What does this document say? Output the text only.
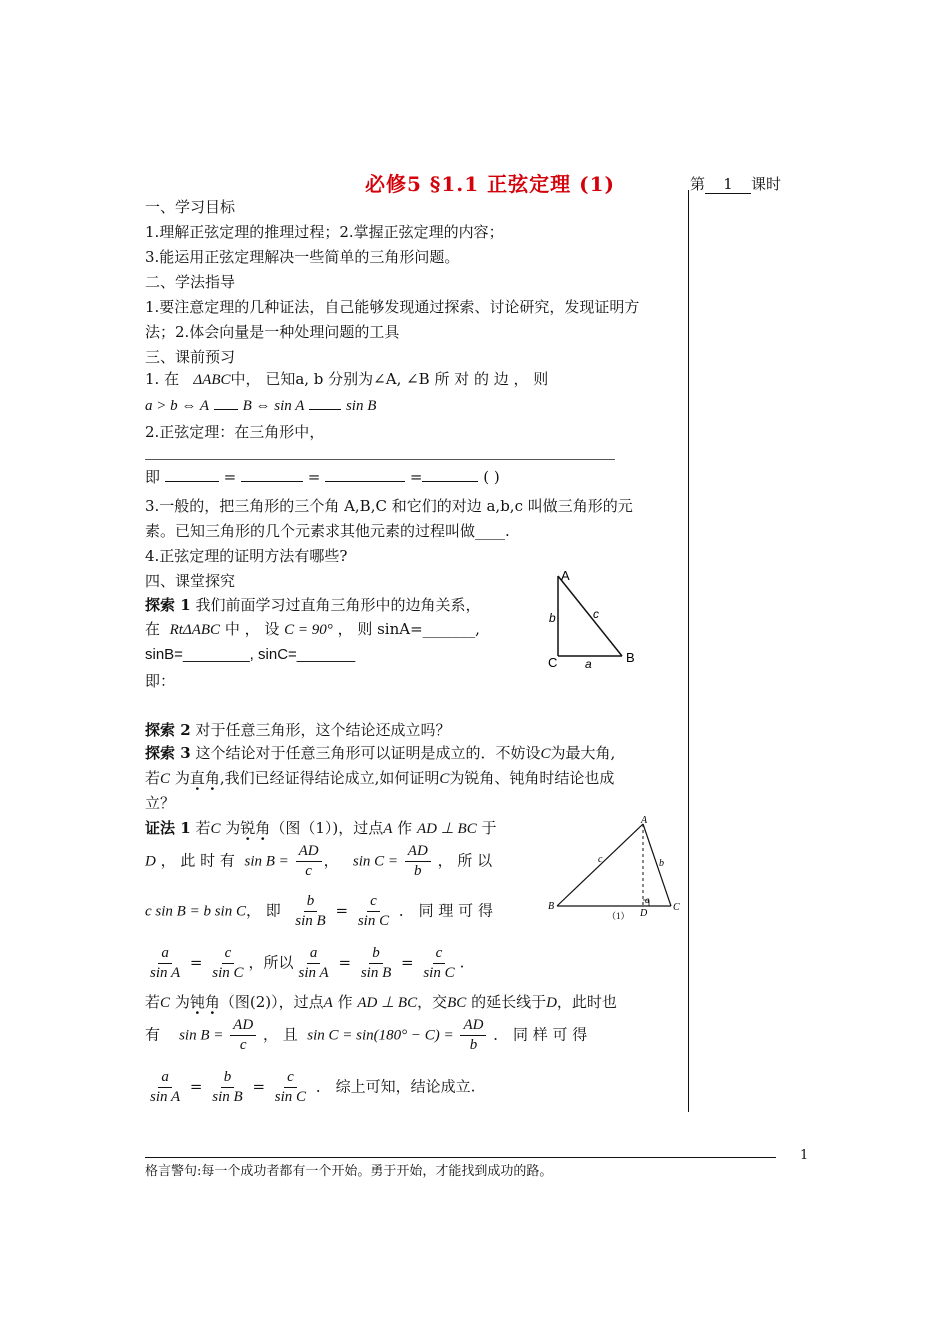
必修5 §1.1 正弦定理 (1)	第 1 课时
一、学习目标
1.理解正弦定理的推理过程；2.掌握正弦定理的内容；
3.能运用正弦定理解决一些简单的三角形问题。
二、学法指导
1.要注意定理的几种证法，自己能够发现通过探索、讨论研究，发现证明方
法；2.体会向量是一种处理问题的工具
三、课前预习
1. 在 ΔABC中， 已知a, b 分别为∠A, ∠B 所 对 的 边 ， 则
a > b ⇔ A B ⇔ sin A	sin B
2.正弦定理：在三角形中，
即	=	=	=	( )
3.一般的，把三角形的三个角 A,B,C 和它们的对边 a,b,c 叫做三角形的元
素。已知三角形的几个元素求其他元素的过程叫做____.
4.正弦定理的证明方法有哪些?
四、课堂探究
探索 1 我们前面学习过直角三角形中的边角关系，
在 RtΔABC 中 ， 设 C = 90° ， 则 sinA=_______,
sinB=________, sinC=_______
即：
A
B
C a
b	c
探索 2 对于任意三角形，这个结论还成立吗？
探索 3 这个结论对于任意三角形可以证明是成立的．不妨设C为最大角,
若C 为直角,我们已经证得结论成立,如何证明C为锐角、钝角时结论也成
立？
证法 1 若C 为锐角（图（1）)，过点A 作 AD ⊥ BC 于
D ， 此 时 有 $\sin B = \frac{AD}{c}$ ，   $\sin C = \frac{AD}{b}$ ， 所 以
c sin B = b sin C， 即 $\frac{b}{\text{sin B}} = \frac{c}{\text{sin C}}$ ． 同 理 可 得
$\frac{a}{\text{sin A}} = \frac{c}{\text{sin C}}$ ，所以 $\frac{a}{\text{sin A}} = \frac{b}{\text{sin B}} = \frac{c}{\text{sin C}}$ .
A
B	C
D
c	b
a
（1）
若C 为钝角（图(2)），过点A 作 AD ⊥ BC，交BC 的延长线于D，此时也
有 $\sin B = \frac{AD}{c}$ ， 且 $\sin C = \sin(180^\circ - C) = \frac{AD}{b}$ ． 同 样 可 得
$\frac{a}{\text{sin A}} = \frac{b}{\text{sin B}} = \frac{c}{\text{sin C}}$ ． 综上可知，结论成立.
1
格言警句:每一个成功者都有一个开始。勇于开始，才能找到成功的路。
